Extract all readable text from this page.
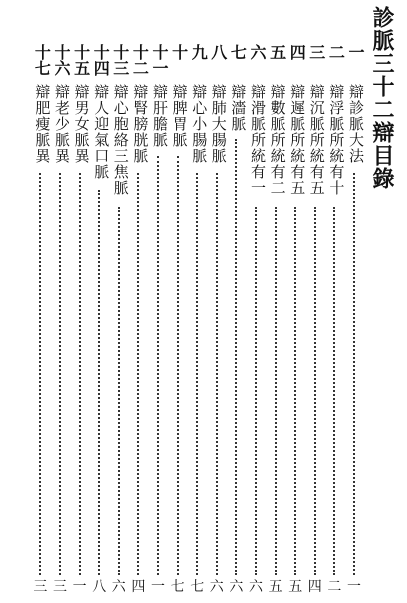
診脈三十二辯目錄
一
辯診脈大法
一
二
辯浮脈所統有十
二
三
辯沉脈所統有五
四
四
辯遲脈所統有五
五
五
辯數脈所統有二
五
六
辯滑脈所統有一
六
七
辯濇脈
六
八
辯肺大腸脈
六
九
辯心小腸脈
七
十
辯脾胃脈
七
十一
辯肝膽脈
一
十二
辯腎膀胱脈
四
十三
辯心胞絡三焦脈
六
十四
辯人迎氣口脈
八
十五
辯男女脈異
一
十六
辯老少脈異
三
十七
辯肥瘦脈異
三
